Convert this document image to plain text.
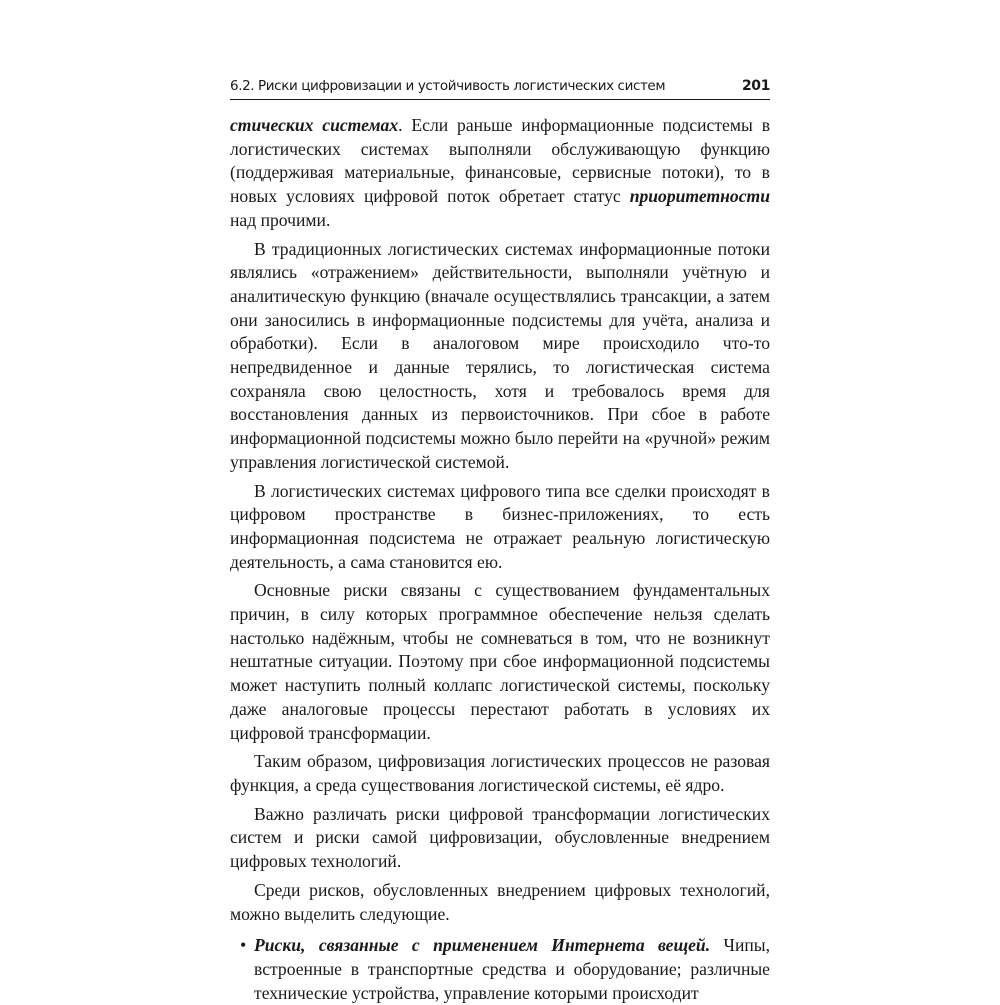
6.2. Риски цифровизации и устойчивость логистических систем	201

стических системах. Если раньше информационные подсистемы в логистических системах выполняли обслуживающую функцию (поддерживая материальные, финансовые, сервисные потоки), то в новых условиях цифровой поток обретает статус приоритетности над прочими.

В традиционных логистических системах информационные потоки являлись «отражением» действительности, выполняли учётную и аналитическую функцию (вначале осуществлялись трансакции, а затем они заносились в информационные подсистемы для учёта, анализа и обработки). Если в аналоговом мире происходило что-то непредвиденное и данные терялись, то логистическая система сохраняла свою целостность, хотя и требовалось время для восстановления данных из первоисточников. При сбое в работе информационной подсистемы можно было перейти на «ручной» режим управления логистической системой.

В логистических системах цифрового типа все сделки происходят в цифровом пространстве в бизнес-приложениях, то есть информационная подсистема не отражает реальную логистическую деятельность, а сама становится ею.

Основные риски связаны с существованием фундаментальных причин, в силу которых программное обеспечение нельзя сделать настолько надёжным, чтобы не сомневаться в том, что не возникнут нештатные ситуации. Поэтому при сбое информационной подсистемы может наступить полный коллапс логистической системы, поскольку даже аналоговые процессы перестают работать в условиях их цифровой трансформации.

Таким образом, цифровизация логистических процессов не разовая функция, а среда существования логистической системы, её ядро.

Важно различать риски цифровой трансформации логистических систем и риски самой цифровизации, обусловленные внедрением цифровых технологий.

Среди рисков, обусловленных внедрением цифровых технологий, можно выделить следующие.

• Риски, связанные с применением Интернета вещей. Чипы, встроенные в транспортные средства и оборудование; различные технические устройства, управление которыми происходит
